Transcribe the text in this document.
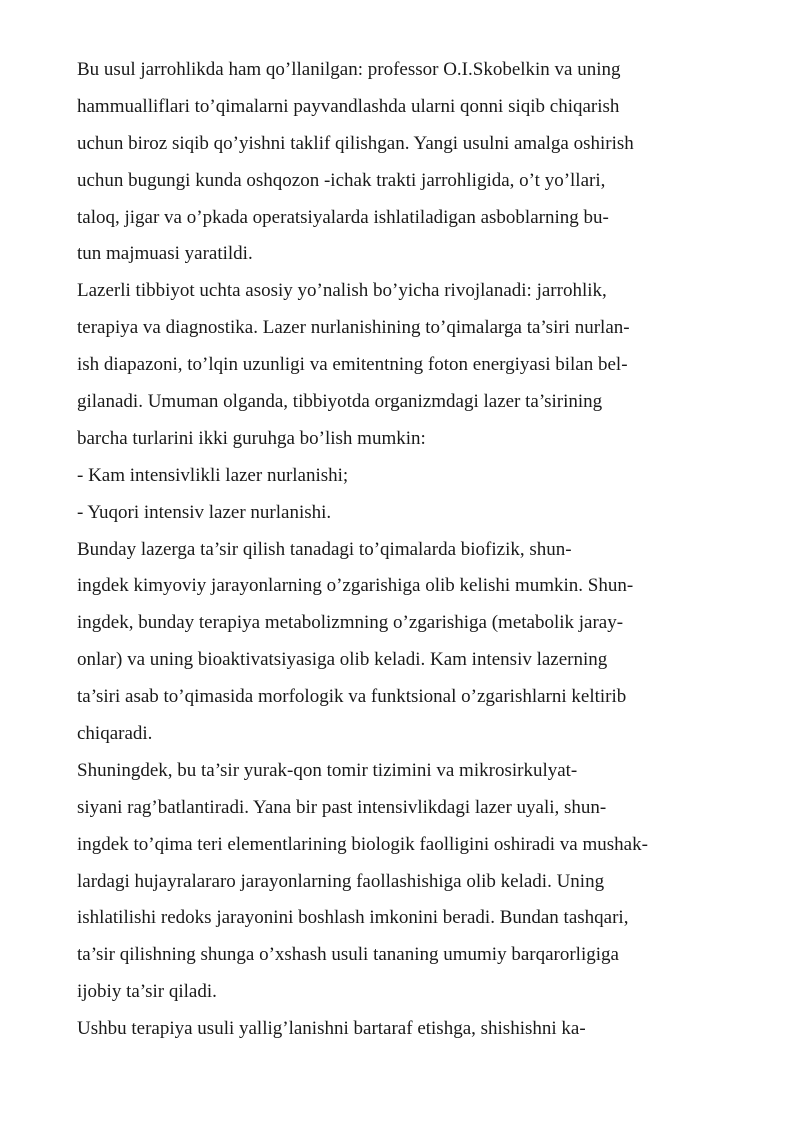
Bu usul jarrohlikda ham qo’llanilgan: professor O.I.Skobelkin va uning
hammualliflari to’qimalarni payvandlashda ularni qonni siqib chiqarish
uchun biroz siqib qo’yishni taklif qilishgan. Yangi usulni amalga oshirish
uchun bugungi kunda oshqozon -ichak trakti jarrohligida, o’t yo’llari,
taloq, jigar va o’pkada operatsiyalarda ishlatiladigan asboblarning bu-
tun majmuasi yaratildi.
Lazerli tibbiyot uchta asosiy yo’nalish bo’yicha rivojlanadi: jarrohlik,
terapiya va diagnostika. Lazer nurlanishining to’qimalarga ta’siri nurlan-
ish diapazoni, to’lqin uzunligi va emitentning foton energiyasi bilan bel-
gilanadi. Umuman olganda, tibbiyotda organizmdagi lazer ta’sirining
barcha turlarini ikki guruhga bo’lish mumkin:
- Kam intensivlikli lazer nurlanishi;
- Yuqori intensiv lazer nurlanishi.
Bunday lazerga ta’sir qilish tanadagi to’qimalarda biofizik, shun-
ingdek kimyoviy jarayonlarning o’zgarishiga olib kelishi mumkin. Shun-
ingdek, bunday terapiya metabolizmning o’zgarishiga (metabolik jaray-
onlar) va uning bioaktivatsiyasiga olib keladi. Kam intensiv lazerning
ta’siri asab to’qimasida morfologik va funktsional o’zgarishlarni keltirib
chiqaradi.
Shuningdek, bu ta’sir yurak-qon tomir tizimini va mikrosirkulyat-
siyani rag’batlantiradi. Yana bir past intensivlikdagi lazer uyali, shun-
ingdek to’qima teri elementlarining biologik faolligini oshiradi va mushak-
lardagi hujayralararo jarayonlarning faollashishiga olib keladi. Uning
ishlatilishi redoks jarayonini boshlash imkonini beradi. Bundan tashqari,
ta’sir qilishning shunga o’xshash usuli tananing umumiy barqarorligiga
ijobiy ta’sir qiladi.
Ushbu terapiya usuli yallig’lanishni bartaraf etishga, shishishni ka-
